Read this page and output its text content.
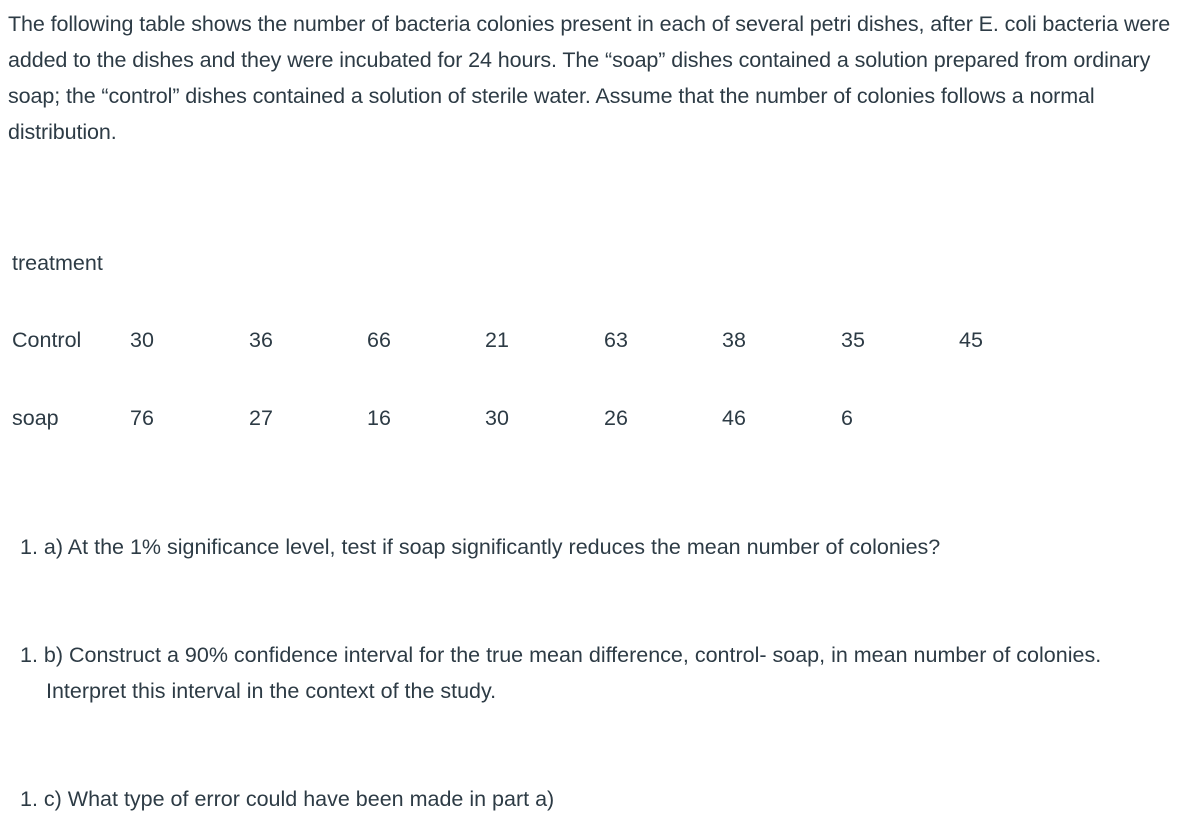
The following table shows the number of bacteria colonies present in each of several petri dishes, after E. coli bacteria were added to the dishes and they were incubated for 24 hours. The “soap” dishes contained a solution prepared from ordinary soap; the “control” dishes contained a solution of sterile water. Assume that the number of colonies follows a normal distribution.

treatment
Control 30	36	66	21	63	38	35	45
soap	76	27	16	30	26	46	6

1. a) At the 1% significance level, test if soap significantly reduces the mean number of colonies?

1. b) Construct a 90% confidence interval for the true mean difference, control- soap, in mean number of colonies. Interpret this interval in the context of the study.

1. c) What type of error could have been made in part a)
